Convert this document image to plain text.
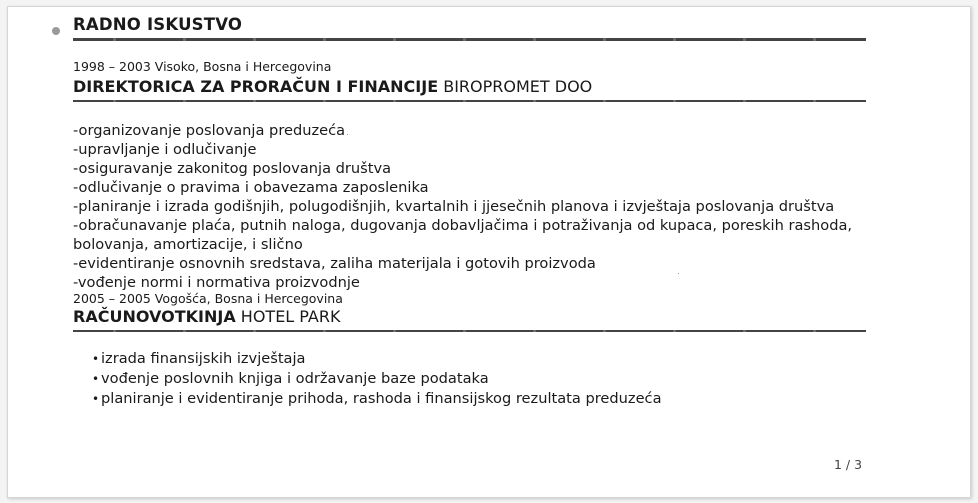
RADNO ISKUSTVO
1998 – 2003 Visoko, Bosna i Hercegovina
DIREKTORICA ZA PRORAČUN I FINANCIJE BIROPROMET DOO
-organizovanje poslovanja preduzeća
-upravljanje i odlučivanje
-osiguravanje zakonitog poslovanja društva
-odlučivanje o pravima i obavezama zaposlenika
-planiranje i izrada godišnjih, polugodišnjih, kvartalnih i jjesečnih planova i izvještaja poslovanja društva
-obračunavanje plaća, putnih naloga, dugovanja dobavljačima i potraživanja od kupaca, poreskih rashoda, bolovanja, amortizacije, i slično
-evidentiranje osnovnih sredstava, zaliha materijala i gotovih proizvoda
-vođenje normi i normativa proizvodnje
2005 – 2005 Vogošća, Bosna i Hercegovina
RAČUNOVOTKINJA HOTEL PARK
• izrada finansijskih izvještaja
• vođenje poslovnih knjiga i održavanje baze podataka
• planiranje i evidentiranje prihoda, rashoda i finansijskog rezultata preduzeća
1 / 3
